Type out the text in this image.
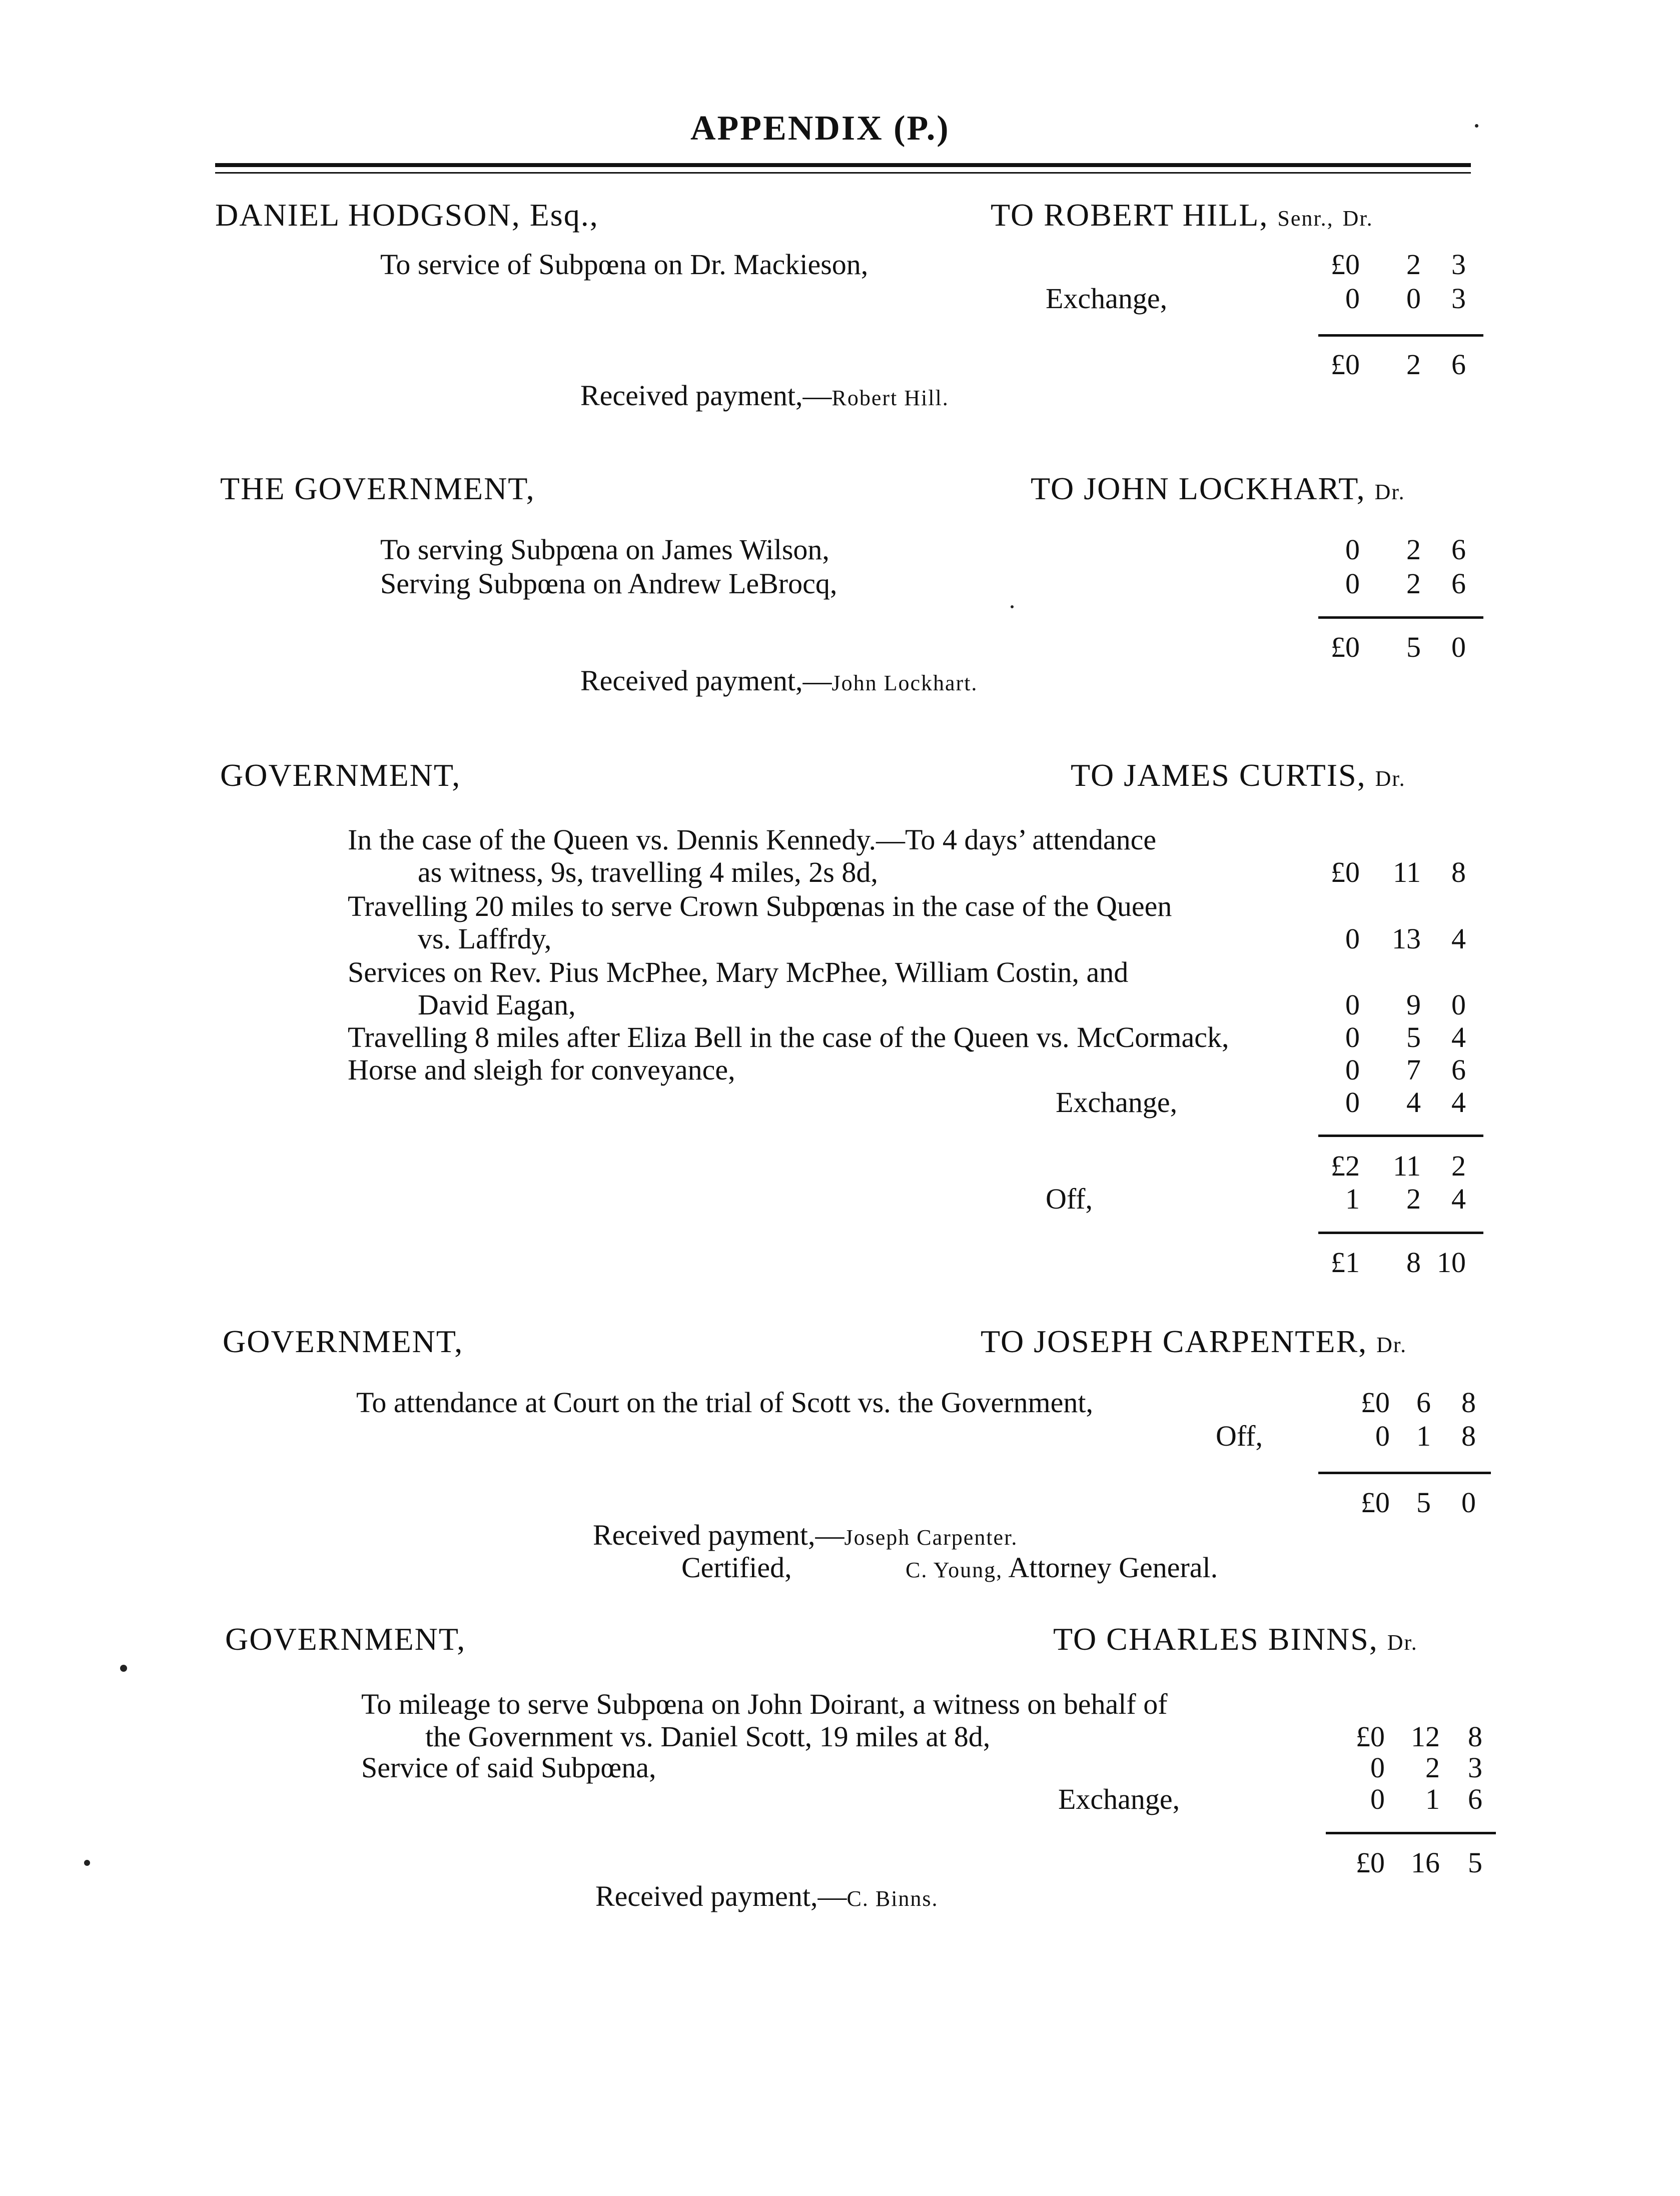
APPENDIX (P.)
DANIEL HODGSON, Esq.,	TO ROBERT HILL, Senr., Dr.
To service of Subpœna on Dr. Mackieson,	£0 2 3
Exchange,	0 0 3
£0 2 6
Received payment,—Robert Hill.
THE GOVERNMENT,	TO JOHN LOCKHART, Dr.
To serving Subpœna on James Wilson,	0 2 6
Serving Subpœna on Andrew LeBrocq,	0 2 6
£0 5 0
Received payment,—John Lockhart.
GOVERNMENT,	TO JAMES CURTIS, Dr.
In the case of the Queen vs. Dennis Kennedy.—To 4 days’ attendance
as witness, 9s, travelling 4 miles, 2s 8d,	£0 11 8
Travelling 20 miles to serve Crown Subpœnas in the case of the Queen
vs. Laffrdy,	0 13 4
Services on Rev. Pius McPhee, Mary McPhee, William Costin, and
David Eagan,	0 9 0
Travelling 8 miles after Eliza Bell in the case of the Queen vs. McCormack,	0 5 4
Horse and sleigh for conveyance,	0 7 6
Exchange,	0 4 4
£2 11 2
Off,	1 2 4
£1 8 10
GOVERNMENT,	TO JOSEPH CARPENTER, Dr.
To attendance at Court on the trial of Scott vs. the Government,	£0 6 8
Off,	0 1 8
£0 5 0
Received payment,—Joseph Carpenter.
Certified,	C. Young, Attorney General.
GOVERNMENT,	TO CHARLES BINNS, Dr.
To mileage to serve Subpœna on John Doirant, a witness on behalf of
the Government vs. Daniel Scott, 19 miles at 8d,	£0 12 8
Service of said Subpœna,	0 2 3
Exchange,	0 1 6
£0 16 5
Received payment,—C. Binns.
